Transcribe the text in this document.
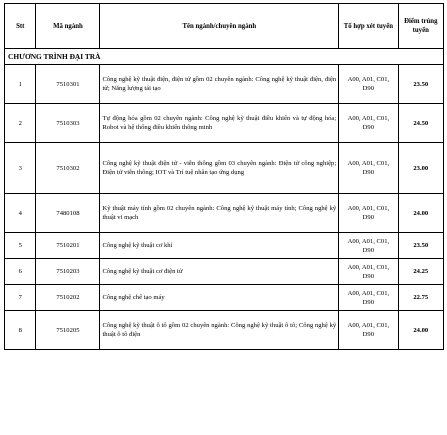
Stt	Mã ngành	Tên ngành/chuyên ngành	Tổ hợp xét tuyển	Điểm trúng tuyển
CHƯƠNG TRÌNH ĐẠI TRÀ				
1	7510301	Công nghệ kỹ thuật điện, điện tử gồm 02 chuyên ngành: Công nghệ kỹ thuật điện, điện tử; Năng lượng tái tạo	A00, A01, C01, D90	23.50
2	7510303	Tự động hóa gồm 02 chuyên ngành: Công nghệ kỹ thuật điều khiển và tự động hóa; Robot và hệ thống điều khiển thông minh	A00, A01, C01, D90	24.50
3	7510302	Công nghệ kỹ thuật điện tử - viễn thông gồm 03 chuyên ngành: Điện tử công nghiệp; Điện tử viễn thông; IOT và Trí tuệ nhân tạo ứng dụng	A00, A01, C01, D90	23.00
4	7480108	Kỹ thuật máy tính gồm 02 chuyên ngành: Công nghệ kỹ thuật máy tính; Công nghệ kỹ thuật vi mạch	A00, A01, C01, D90	24.00
5	7510201	Công nghệ kỹ thuật cơ khí	A00, A01, C01, D90	23.50
6	7510203	Công nghệ kỹ thuật cơ điện tử	A00, A01, C01, D90	24.25
7	7510202	Công nghệ chế tạo máy	A00, A01, C01, D90	22.75
8	7510205	Công nghệ kỹ thuật ô tô gồm 02 chuyên ngành: Công nghệ kỹ thuật ô tô; Công nghệ kỹ thuật ô tô điện	A00, A01, C01, D90	24.00
